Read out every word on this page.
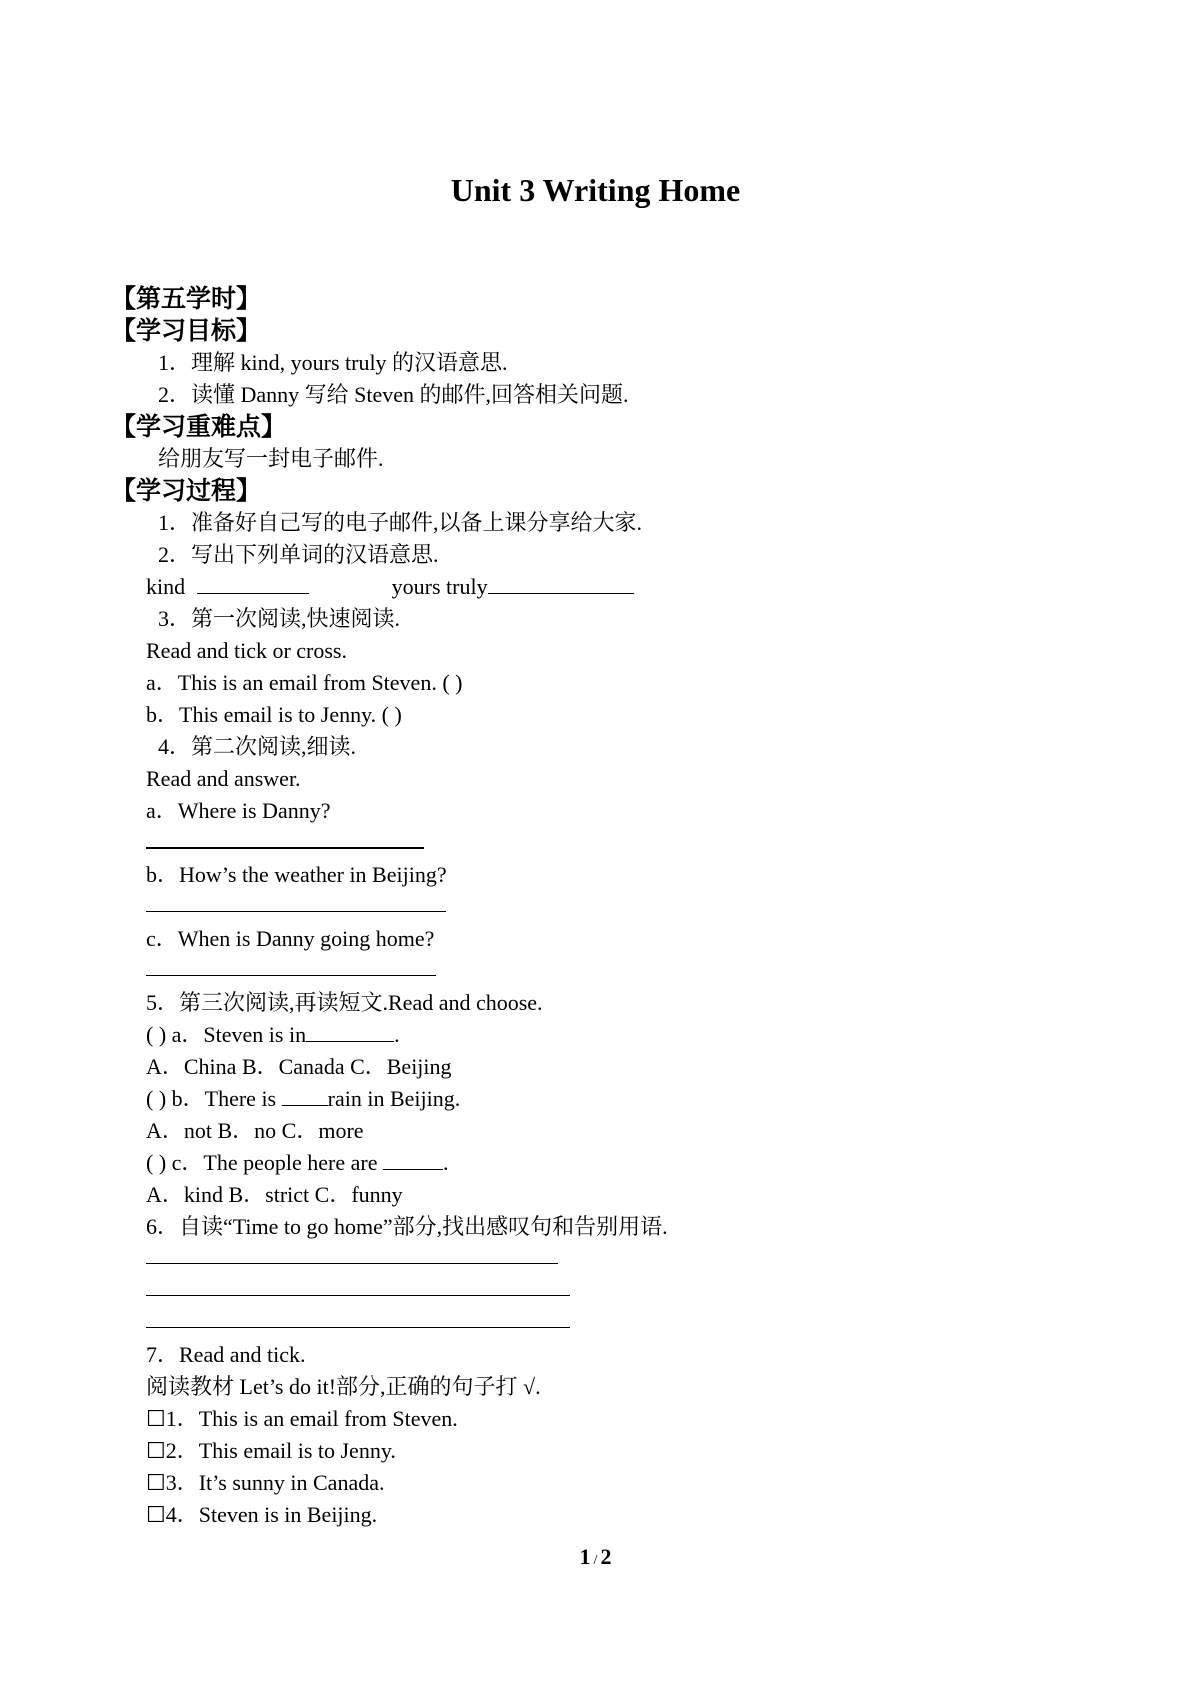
Unit 3 Writing Home
【第五学时】
【学习目标】
1．理解 kind, yours truly 的汉语意思.
2．读懂 Danny 写给 Steven 的邮件,回答相关问题.
【学习重难点】
给朋友写一封电子邮件.
【学习过程】
1．准备好自己写的电子邮件,以备上课分享给大家.
2．写出下列单词的汉语意思.
kind	yours truly
3．第一次阅读,快速阅读.
Read and tick or cross.
a．This is an email from Steven. ( )
b．This email is to Jenny. ( )
4．第二次阅读,细读.
Read and answer.
a．Where is Danny?
b．How’s the weather in Beijing?
c．When is Danny going home?
5．第三次阅读,再读短文.Read and choose.
( ) a．Steven is in	.
A．China B．Canada C．Beijing
( ) b．There is rain in Beijing.
A．not B．no C．more
( ) c．The people here are	.
A．kind B．strict C．funny
6．自读“Time to go home”部分,找出感叹句和告别用语.
7．Read and tick.
阅读教材 Let’s do it!部分,正确的句子打 √.
☐1．This is an email from Steven.
☐2．This email is to Jenny.
☐3．It’s sunny in Canada.
☐4．Steven is in Beijing.
1 / 2
